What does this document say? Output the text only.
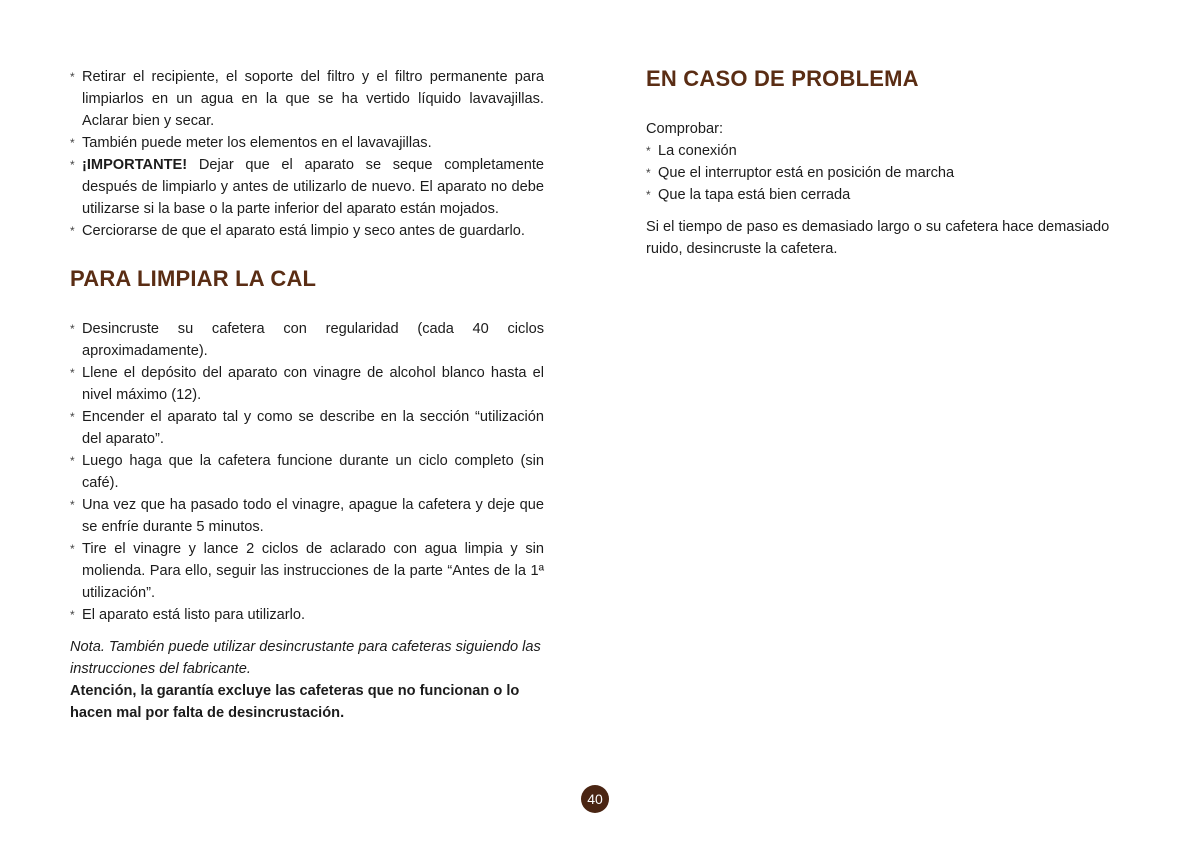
* Retirar el recipiente, el soporte del filtro y el filtro permanente para limpiarlos en un agua en la que se ha vertido líquido lavavajillas. Aclarar bien y secar.
* También puede meter los elementos en el lavavajillas.
* ¡IMPORTANTE! Dejar que el aparato se seque completamente después de limpiarlo y antes de utilizarlo de nuevo. El aparato no debe utilizarse si la base o la parte inferior del aparato están mojados.
* Cerciorarse de que el aparato está limpio y seco antes de guardarlo.
PARA LIMPIAR LA CAL
* Desincruste su cafetera con regularidad (cada 40 ciclos aproximadamente).
* Llene el depósito del aparato con vinagre de alcohol blanco hasta el nivel máximo (12).
* Encender el aparato tal y como se describe en la sección “utilización del aparato”.
* Luego haga que la cafetera funcione durante un ciclo completo (sin café).
* Una vez que ha pasado todo el vinagre, apague la cafetera y deje que se enfríe durante 5 minutos.
* Tire el vinagre y lance 2 ciclos de aclarado con agua limpia y sin molienda. Para ello, seguir las instrucciones de la parte “Antes de la 1ª utilización”.
* El aparato está listo para utilizarlo.
Nota. También puede utilizar desincrustante para cafeteras siguiendo las instrucciones del fabricante.
Atención, la garantía excluye las cafeteras que no funcionan o lo hacen mal por falta de desincrustación.
EN CASO DE PROBLEMA
Comprobar:
* La conexión
* Que el interruptor está en posición de marcha
* Que la tapa está bien cerrada
Si el tiempo de paso es demasiado largo o su cafetera hace demasiado ruido, desincruste la cafetera.
40
